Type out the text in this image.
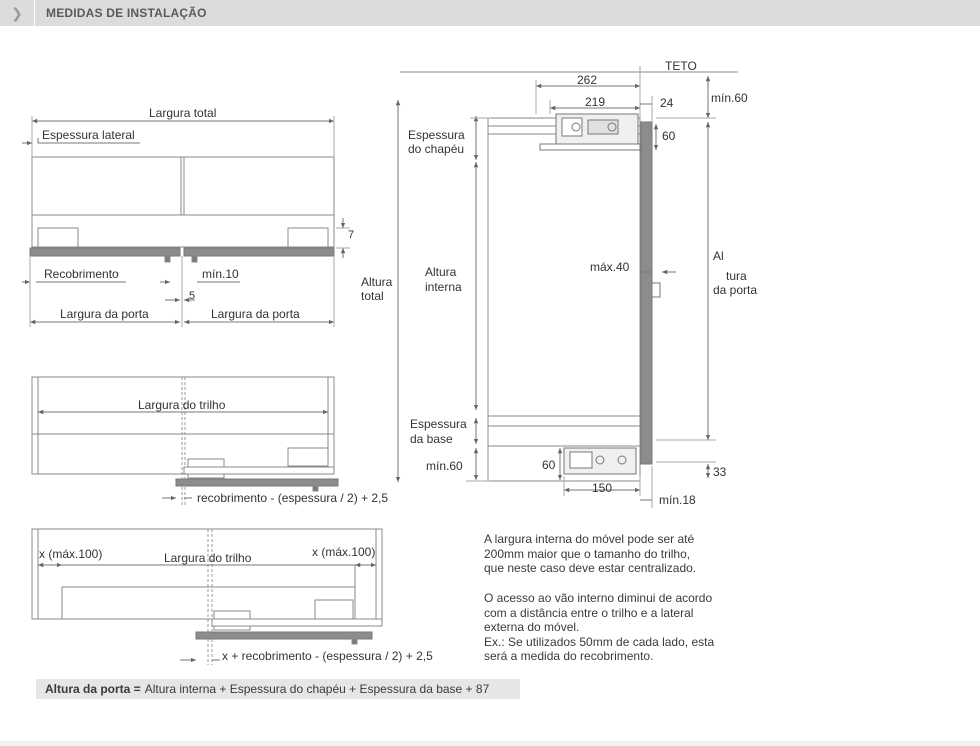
❯	MEDIDAS DE INSTALAÇÃO
Largura total
Espessura lateral
7
Recobrimento	mín.10
5
Largura da porta	Largura da porta
Largura do trilho
recobrimento - (espessura / 2) + 2,5
x (máx.100)	Largura do trilho	x (máx.100)
x + recobrimento - (espessura / 2) + 2,5
TETO
262
219	24	mín.60
60
Espessura
do chapéu
Altura
total
Altura
interna
máx.40
Al
tura
da porta
Espessura
da base
mín.60	60
150
33
mín.18

A largura interna do móvel pode ser até

200mm maior que o tamanho do trilho,

que neste caso deve estar centralizado.

O acesso ao vão interno diminui de acordo

com a distância entre o trilho e a lateral

externa do móvel.

Ex.: Se utilizados 50mm de cada lado, esta

será a medida do recobrimento.

Altura da porta = Altura interna + Espessura do chapéu + Espessura da base + 87
